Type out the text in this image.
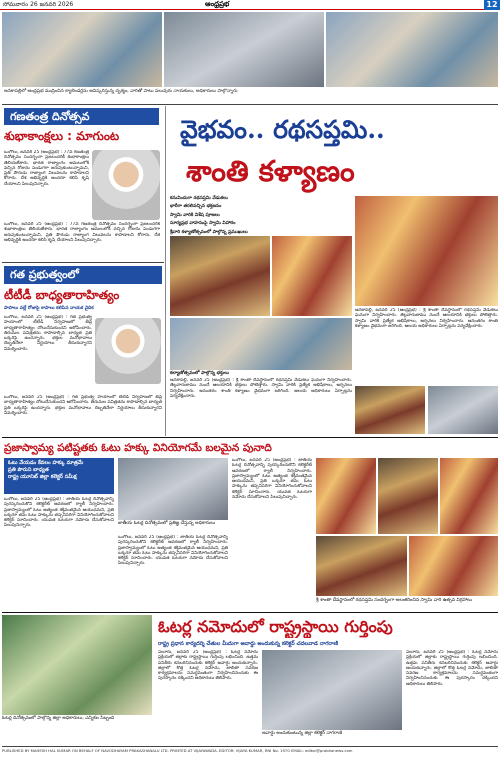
సోమవారం 26 జనవరి 2026	ఆంధ్రప్రభ	12
అనకాపల్లిలో ఆంధ్రప్రభ ముద్రించిన క్యాలెండర్లను ఆవిష్కరిస్తున్న దృశ్యం, వారితో పాటు పలువురు నాయకులు, అధికారులు పాల్గొన్నారు
గణతంత్ర దినోత్సవ
శుభాకాంక్షలు : మాగుంట
ఒంగోలు, జనవరి 25 (ఆంధ్రప్రభ) : 77వ గణతంత్ర దినోత్సవం సందర్భంగా ప్రజలందరికీ శుభాకాంక్షలు తెలియజేశారు. భారత రాజ్యాంగం అమలులోకి వచ్చిన రోజును పండుగగా జరుపుకుంటున్నామని, ప్రతి పౌరుడు రాజ్యాంగ విలువలను కాపాడాలని కోరారు. దేశ అభివృద్ధికి అందరూ కలిసి కృషి చేయాలని పిలుపునిచ్చారు.
ఒంగోలు, జనవరి 25 (ఆంధ్రప్రభ) : 77వ గణతంత్ర దినోత్సవం సందర్భంగా ప్రజలందరికీ శుభాకాంక్షలు తెలియజేశారు. భారత రాజ్యాంగం అమలులోకి వచ్చిన రోజును పండుగగా జరుపుకుంటున్నామని, ప్రతి పౌరుడు రాజ్యాంగ విలువలను కాపాడాలని కోరారు. దేశ అభివృద్ధికి అందరూ కలిసి కృషి చేయాలని పిలుపునిచ్చారు.
గత ప్రభుత్వంలో
టీటీడీ బాధ్యతారాహిత్యం
పాపాలు వల్లే రోజాపై కాపాలు కలిపిన నాయక వైదిక
ఒంగోలు, జనవరి 25 (ఆంధ్రప్రభ) : గత ప్రభుత్వ హయాంలో టీటీడీ నిర్వహణలో తీవ్ర బాధ్యతారాహిత్యం చోటుచేసుకుందని ఆరోపించారు. తిరుమల పవిత్రతను కాపాడాల్సిన బాధ్యత ప్రతి ఒక్కరిపై ఉందన్నారు. భక్తుల మనోభావాలు దెబ్బతినేలా నిర్ణయాలు తీసుకున్నారని విమర్శించారు.
ఒంగోలు, జనవరి 25 (ఆంధ్రప్రభ) : గత ప్రభుత్వ హయాంలో టీటీడీ నిర్వహణలో తీవ్ర బాధ్యతారాహిత్యం చోటుచేసుకుందని ఆరోపించారు. తిరుమల పవిత్రతను కాపాడాల్సిన బాధ్యత ప్రతి ఒక్కరిపై ఉందన్నారు. భక్తుల మనోభావాలు దెబ్బతినేలా నిర్ణయాలు తీసుకున్నారని విమర్శించారు.
వైభవం.. రథసప్తమి..
శాంతి కళ్యాణం
కనువిందుగా రథసప్తమి వేడుకలు
భారీగా తరలివచ్చిన భక్తజనం
స్వామి వారికి విశేష పూజలు
సూర్యప్రభ వాహనంపై స్వామి విహారం
శ్రీవారి కళ్యాణోత్సవంలో పాల్గొన్న ప్రముఖులు
అనకాపల్లి, జనవరి 25 (ఆంధ్రప్రభ) : శ్రీ శాంతా దేవస్థానంలో రథసప్తమి వేడుకలు ఘనంగా నిర్వహించారు. తెల్లవారుజాము నుంచే ఆలయానికి భక్తులు పోటెత్తారు. స్వామి వారికి ప్రత్యేక అభిషేకాలు, అర్చనలు నిర్వహించారు. అనంతరం శాంతి కళ్యాణం వైభవంగా జరిగింది. ఆలయ అధికారులు ఏర్పాట్లను పర్యవేక్షించారు.
కల్యాణోత్సవంలో పాల్గొన్న భక్తులు
అనకాపల్లి, జనవరి 25 (ఆంధ్రప్రభ) : శ్రీ శాంతా దేవస్థానంలో రథసప్తమి వేడుకలు ఘనంగా నిర్వహించారు. తెల్లవారుజాము నుంచే ఆలయానికి భక్తులు పోటెత్తారు. స్వామి వారికి ప్రత్యేక అభిషేకాలు, అర్చనలు నిర్వహించారు. అనంతరం శాంతి కళ్యాణం వైభవంగా జరిగింది. ఆలయ అధికారులు ఏర్పాట్లను పర్యవేక్షించారు.
ప్రజాస్వామ్య పటిష్టతకు ఓటు హక్కు వినియోగమే బలమైన పునాది
ఓటు వేయడం కేవలం హక్కు మాత్రమే
ప్రతి పౌరుని బాధ్యత
రాష్ట్ర యూనిట్ జిల్లా కలెక్టర్ సమీక్ష
ఒంగోలు, జనవరి 25 (ఆంధ్రప్రభ) : జాతీయ ఓటర్ల దినోత్సవాన్ని పురస్కరించుకొని కలెక్టరేట్ ఆవరణలో ర్యాలీ నిర్వహించారు. ప్రజాస్వామ్యంలో ఓటు అత్యంత శక్తివంతమైన ఆయుధమని, ప్రతి ఒక్కరూ తమ ఓటు హక్కును తప్పనిసరిగా వినియోగించుకోవాలని కలెక్టర్ సూచించారు. యువత ఓటరుగా నమోదు చేసుకోవాలని పిలుపునిచ్చారు.	జాతీయ ఓటర్ల దినోత్సవంలో ప్రతిజ్ఞ చేస్తున్న అధికారులు
ఒంగోలు, జనవరి 25 (ఆంధ్రప్రభ) : జాతీయ ఓటర్ల దినోత్సవాన్ని పురస్కరించుకొని కలెక్టరేట్ ఆవరణలో ర్యాలీ నిర్వహించారు. ప్రజాస్వామ్యంలో ఓటు అత్యంత శక్తివంతమైన ఆయుధమని, ప్రతి ఒక్కరూ తమ ఓటు హక్కును తప్పనిసరిగా వినియోగించుకోవాలని కలెక్టర్ సూచించారు. యువత ఓటరుగా నమోదు చేసుకోవాలని పిలుపునిచ్చారు.
ఒంగోలు, జనవరి 25 (ఆంధ్రప్రభ) : జాతీయ ఓటర్ల దినోత్సవాన్ని పురస్కరించుకొని కలెక్టరేట్ ఆవరణలో ర్యాలీ నిర్వహించారు. ప్రజాస్వామ్యంలో ఓటు అత్యంత శక్తివంతమైన ఆయుధమని, ప్రతి ఒక్కరూ తమ ఓటు హక్కును తప్పనిసరిగా వినియోగించుకోవాలని కలెక్టర్ సూచించారు. యువత ఓటరుగా నమోదు చేసుకోవాలని పిలుపునిచ్చారు.
శ్రీ శాంతా దేవస్థానంలో రథసప్తమి సందర్భంగా అలంకరించిన స్వామి వారి ఉత్సవ విగ్రహాలు
ఓటర్ల దినోత్సవంలో పాల్గొన్న జిల్లా అధికారులు, ఎన్నికల సిబ్బంది
ఓటర్ల నమోదులో రాష్ట్రస్థాయి గుర్తింపు
రాష్ట్ర ప్రధాన కార్యదర్శి చేతుల మీదుగా అవార్డు అందుకున్న కలెక్టర్ చదలవాడ నాగరాణి
ఏలూరు, జనవరి 25 (ఆంధ్రప్రభ) : ఓటర్ల నమోదు ప్రక్రియలో జిల్లాకు రాష్ట్రస్థాయి గుర్తింపు లభించింది. ఉత్తమ పనితీరు కనబరిచినందుకు కలెక్టర్ అవార్డు అందుకున్నారు. జిల్లాలో కొత్త ఓటర్ల నమోదు, జాబితా సవరణ కార్యక్రమాలను సమర్థవంతంగా నిర్వహించినందుకు ఈ పురస్కారం దక్కిందని అధికారులు తెలిపారు.
అవార్డు అందుకుంటున్న జిల్లా కలెక్టర్ నాగరాణి
ఏలూరు, జనవరి 25 (ఆంధ్రప్రభ) : ఓటర్ల నమోదు ప్రక్రియలో జిల్లాకు రాష్ట్రస్థాయి గుర్తింపు లభించింది. ఉత్తమ పనితీరు కనబరిచినందుకు కలెక్టర్ అవార్డు అందుకున్నారు. జిల్లాలో కొత్త ఓటర్ల నమోదు, జాబితా సవరణ కార్యక్రమాలను సమర్థవంతంగా నిర్వహించినందుకు ఈ పురస్కారం దక్కిందని అధికారులు తెలిపారు.
PUBLISHED BY MAHESH HAL KUMAR ON BEHALF OF NAVODHAYAM PRAKASHANALU LTD. PRINTED AT VIJAYAWADA. EDITOR: VIJAYA KUMAR, RNI No. 1970 EMAIL: editor@prabhanews.com
